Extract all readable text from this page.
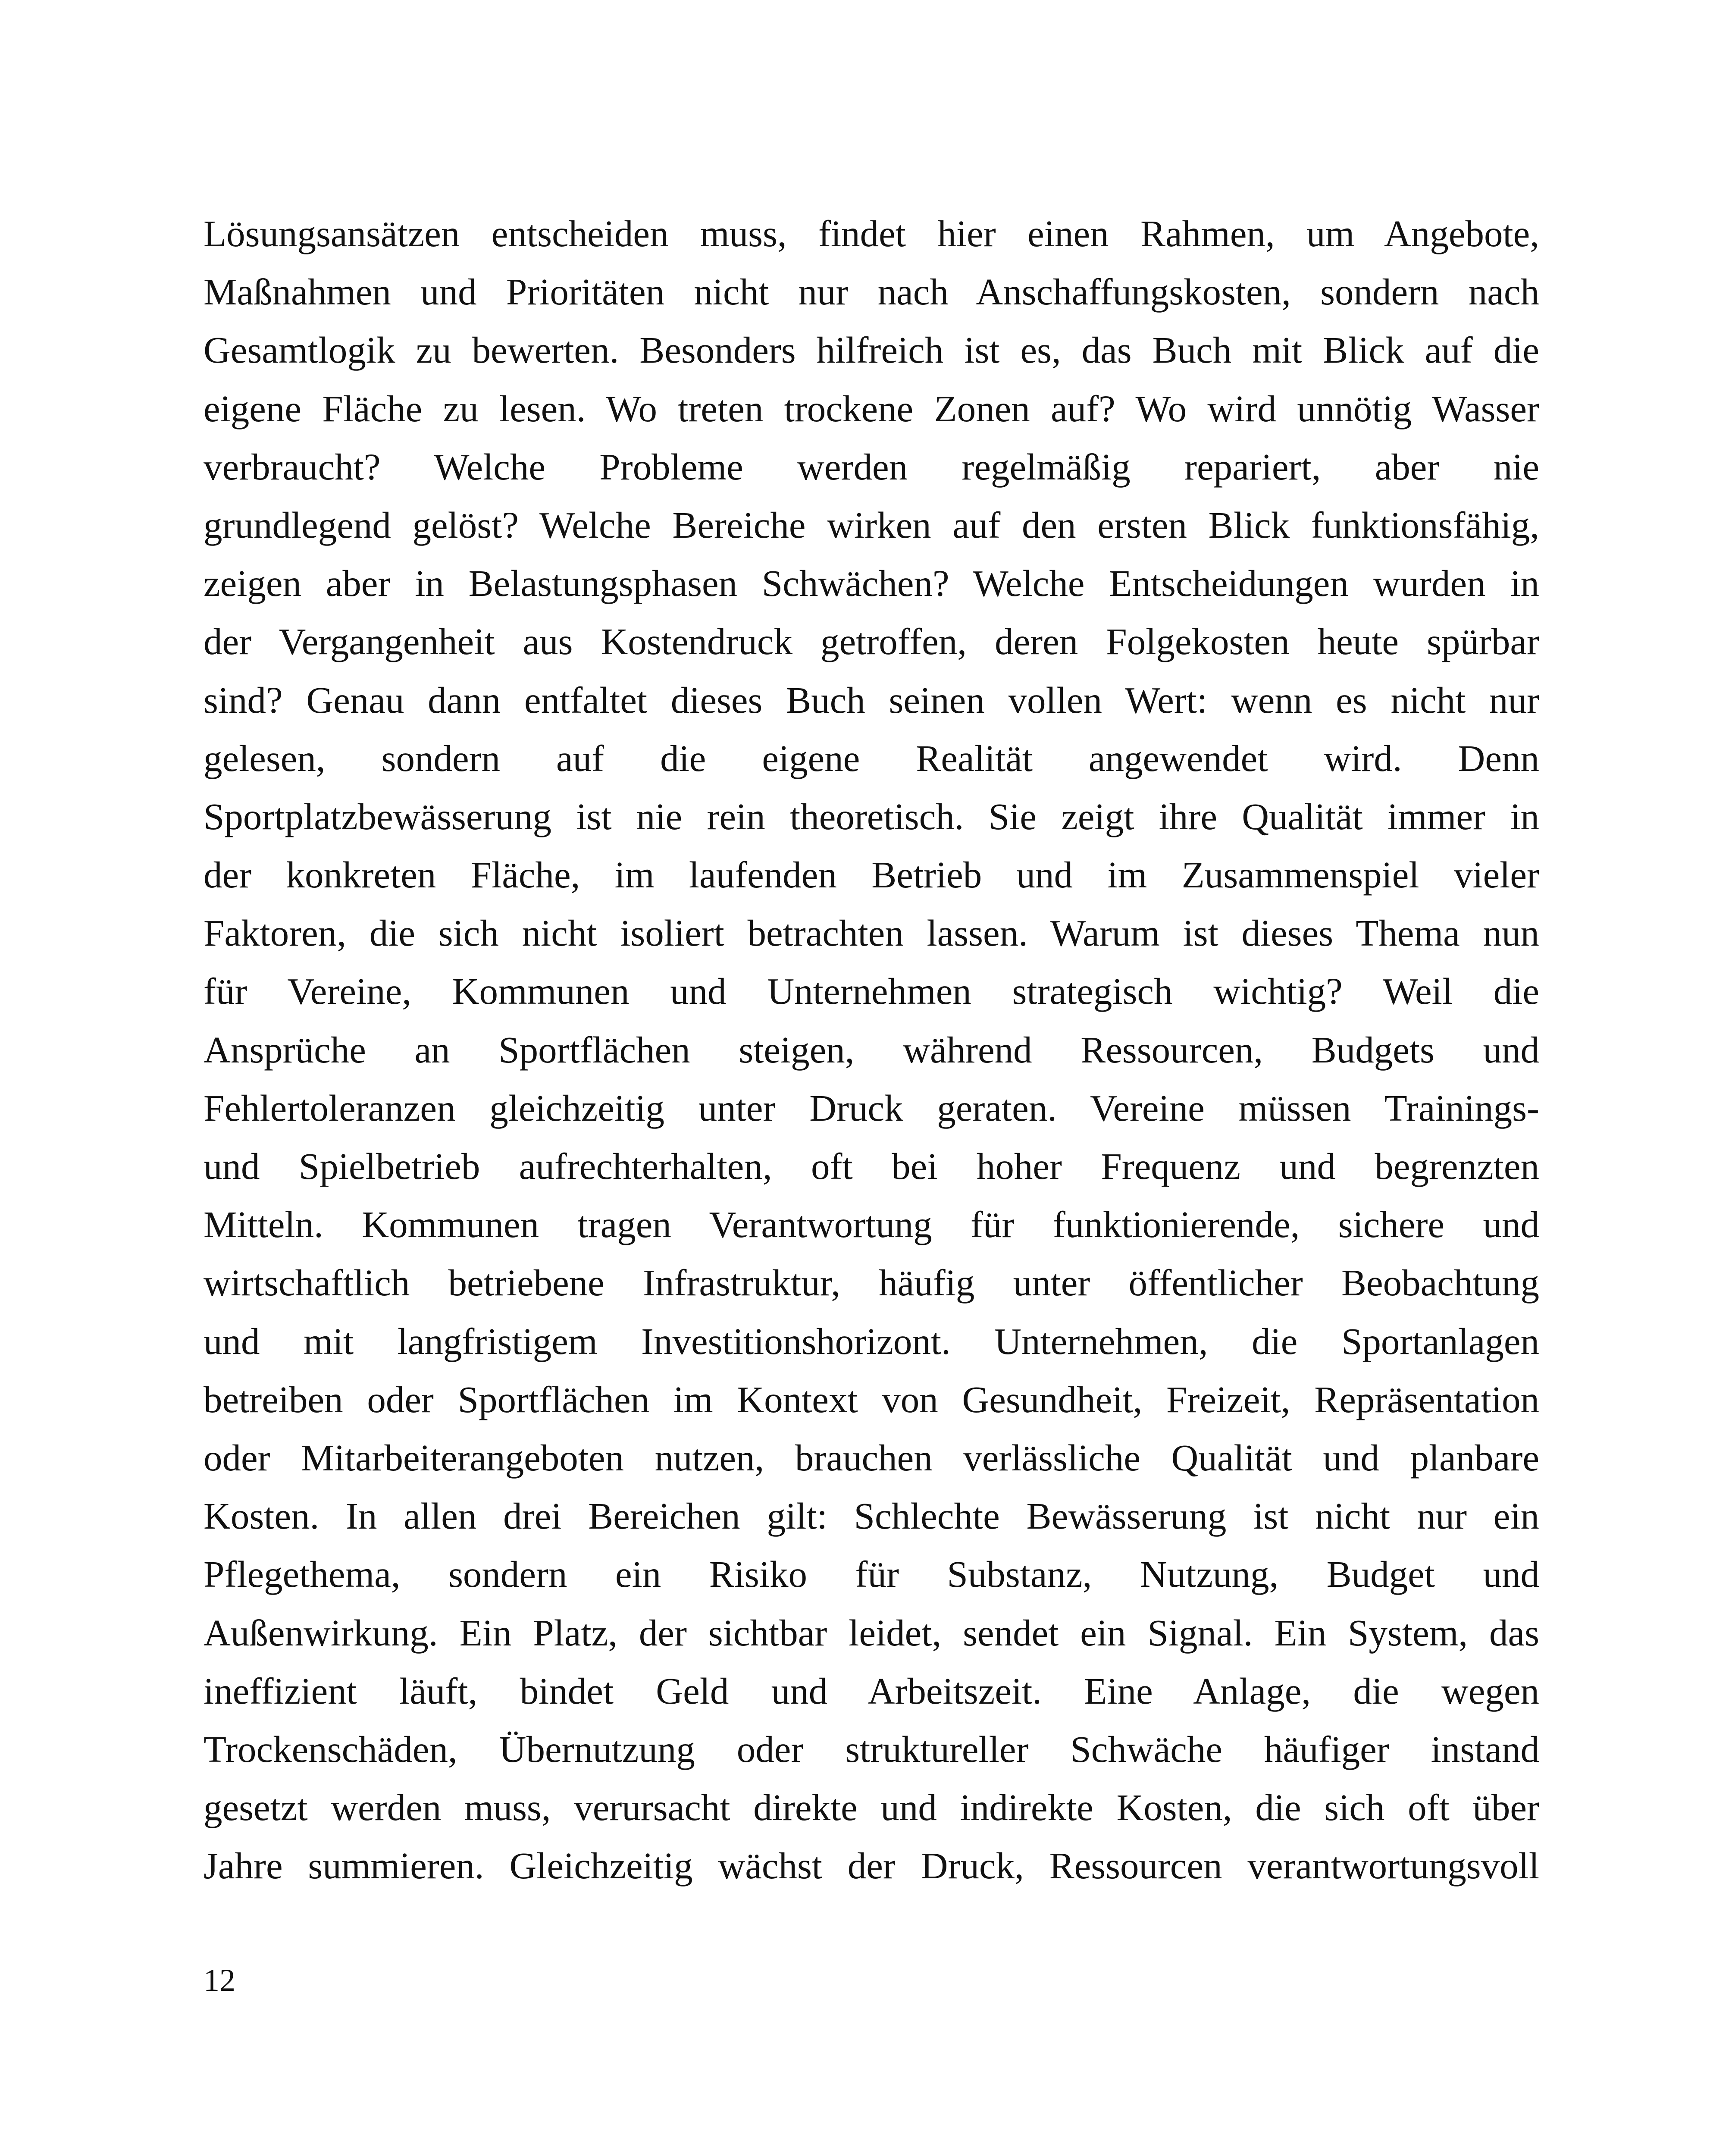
Lösungsansätzen entscheiden muss, findet hier einen Rahmen, um Angebote,
Maßnahmen und Prioritäten nicht nur nach Anschaffungskosten, sondern nach
Gesamtlogik zu bewerten. Besonders hilfreich ist es, das Buch mit Blick auf die
eigene Fläche zu lesen. Wo treten trockene Zonen auf? Wo wird unnötig Wasser
verbraucht? Welche Probleme werden regelmäßig repariert, aber nie
grundlegend gelöst? Welche Bereiche wirken auf den ersten Blick funktionsfähig,
zeigen aber in Belastungsphasen Schwächen? Welche Entscheidungen wurden in
der Vergangenheit aus Kostendruck getroffen, deren Folgekosten heute spürbar
sind? Genau dann entfaltet dieses Buch seinen vollen Wert: wenn es nicht nur
gelesen, sondern auf die eigene Realität angewendet wird. Denn
Sportplatzbewässerung ist nie rein theoretisch. Sie zeigt ihre Qualität immer in
der konkreten Fläche, im laufenden Betrieb und im Zusammenspiel vieler
Faktoren, die sich nicht isoliert betrachten lassen. Warum ist dieses Thema nun
für Vereine, Kommunen und Unternehmen strategisch wichtig? Weil die
Ansprüche an Sportflächen steigen, während Ressourcen, Budgets und
Fehlertoleranzen gleichzeitig unter Druck geraten. Vereine müssen Trainings-
und Spielbetrieb aufrechterhalten, oft bei hoher Frequenz und begrenzten
Mitteln. Kommunen tragen Verantwortung für funktionierende, sichere und
wirtschaftlich betriebene Infrastruktur, häufig unter öffentlicher Beobachtung
und mit langfristigem Investitionshorizont. Unternehmen, die Sportanlagen
betreiben oder Sportflächen im Kontext von Gesundheit, Freizeit, Repräsentation
oder Mitarbeiterangeboten nutzen, brauchen verlässliche Qualität und planbare
Kosten. In allen drei Bereichen gilt: Schlechte Bewässerung ist nicht nur ein
Pflegethema, sondern ein Risiko für Substanz, Nutzung, Budget und
Außenwirkung. Ein Platz, der sichtbar leidet, sendet ein Signal. Ein System, das
ineffizient läuft, bindet Geld und Arbeitszeit. Eine Anlage, die wegen
Trockenschäden, Übernutzung oder struktureller Schwäche häufiger instand
gesetzt werden muss, verursacht direkte und indirekte Kosten, die sich oft über
Jahre summieren. Gleichzeitig wächst der Druck, Ressourcen verantwortungsvoll
12
